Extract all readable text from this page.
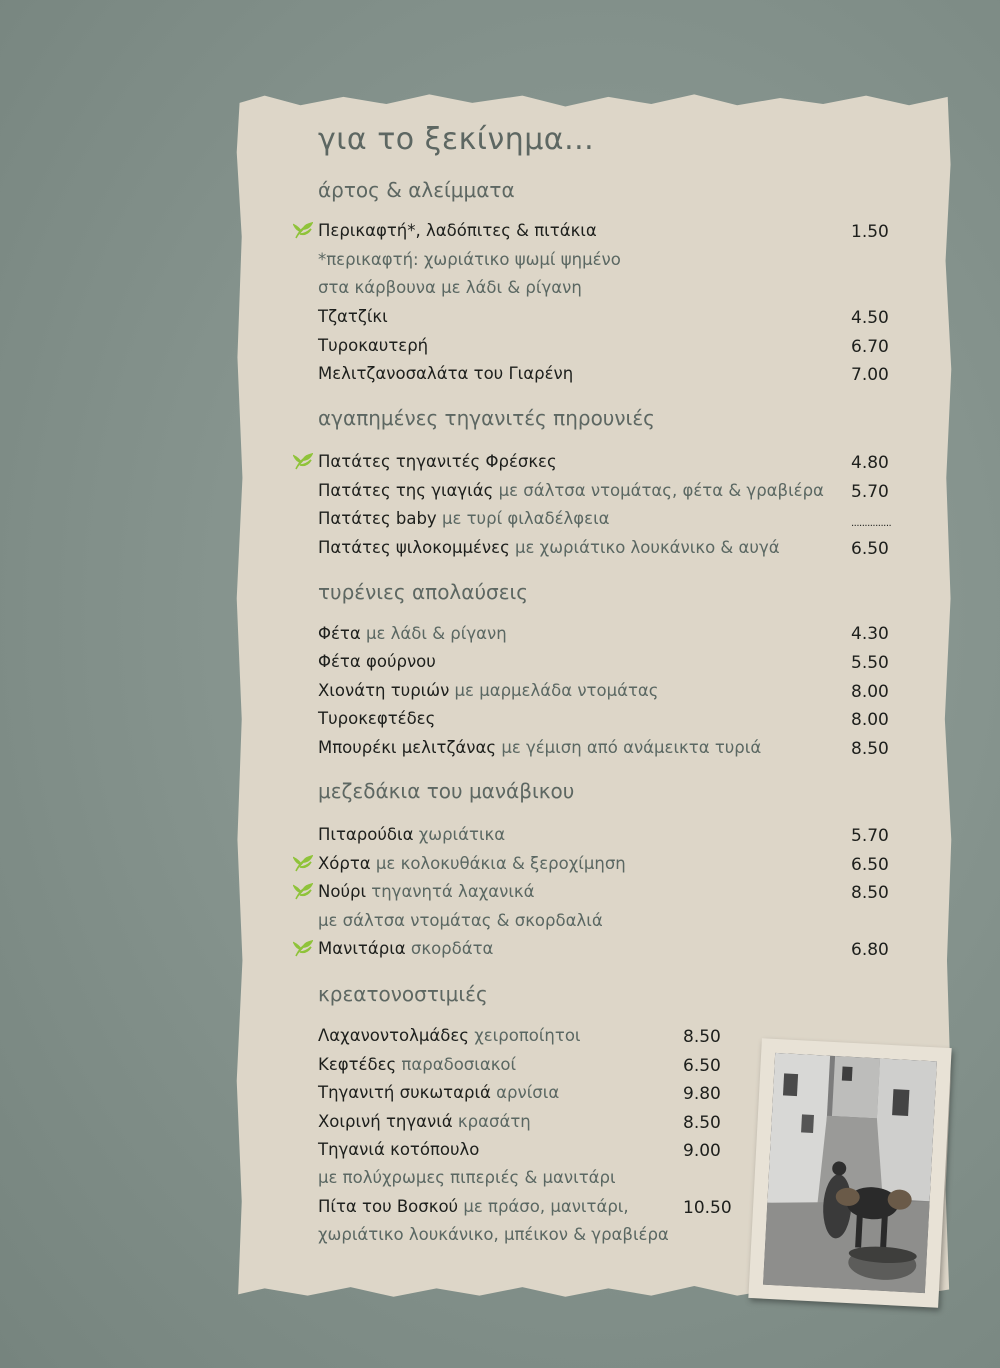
για το ξεκίνημα...
άρτος & αλείμματα
Περικαφτή*, λαδόπιτες & πιτάκια	1.50
*περικαφτή: χωριάτικο ψωμί ψημένο
στα κάρβουνα με λάδι & ρίγανη
Τζατζίκι	4.50
Τυροκαυτερή	6.70
Μελιτζανοσαλάτα του Γιαρένη	7.00
αγαπημένες τηγανιτές πηρουνιές
Πατάτες τηγανιτές Φρέσκες	4.80
Πατάτες της γιαγιάς με σάλτσα ντομάτας, φέτα & γραβιέρα 5.70
Πατάτες baby με τυρί φιλαδέλφεια	...............
Πατάτες ψιλοκομμένες με χωριάτικο λουκάνικο & αυγά	6.50
τυρένιες απολαύσεις
Φέτα με λάδι & ρίγανη	4.30
Φέτα φούρνου	5.50
Χιονάτη τυριών με μαρμελάδα ντομάτας	8.00
Τυροκεφτέδες	8.00
Μπουρέκι μελιτζάνας με γέμιση από ανάμεικτα τυριά	8.50
μεζεδάκια του μανάβικου
Πιταρούδια χωριάτικα	5.70
Χόρτα με κολοκυθάκια & ξεροχίμηση	6.50
Νούρι τηγανητά λαχανικά	8.50
με σάλτσα ντομάτας & σκορδαλιά
Μανιτάρια σκορδάτα	6.80
κρεατονοστιμιές
Λαχανοντολμάδες χειροποίητοι	8.50
Κεφτέδες παραδοσιακοί	6.50
Τηγανιτή συκωταριά αρνίσια	9.80
Χοιρινή τηγανιά κρασάτη	8.50
Τηγανιά κοτόπουλο	9.00
με πολύχρωμες πιπεριές & μανιτάρι
Πίτα του Βοσκού με πράσο, μανιτάρι,	10.50
χωριάτικο λουκάνικο, μπέικον & γραβιέρα
